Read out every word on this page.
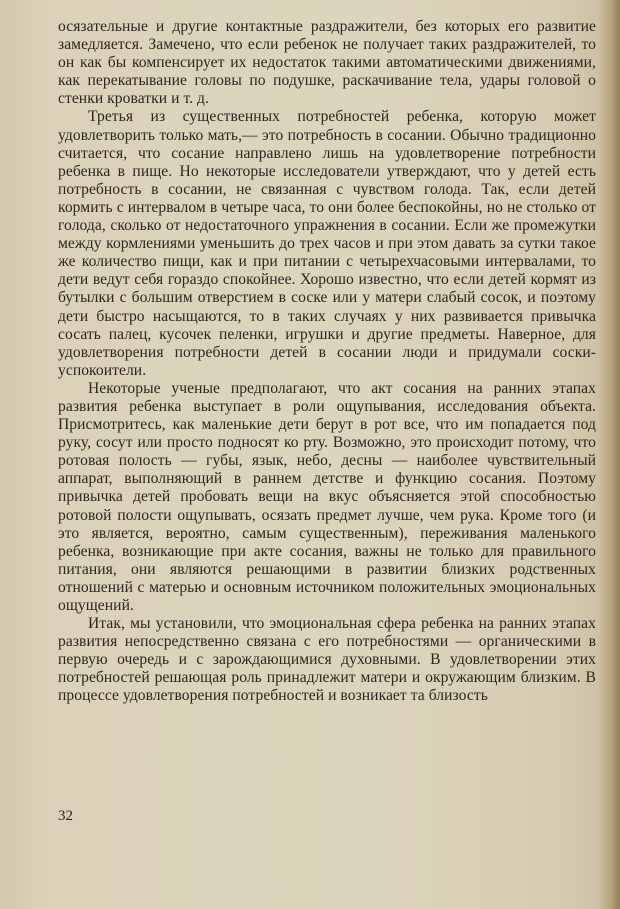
осязательные и другие контактные раздражители, без которых его развитие замедляется. Замечено, что если ребенок не получает таких раздражителей, то он как бы компенсирует их недостаток такими автоматическими движениями, как перекатывание головы по подушке, раскачивание тела, удары головой о стенки кроватки и т. д.

Третья из существенных потребностей ребенка, которую может удовлетворить только мать,— это потребность в сосании. Обычно традиционно считается, что сосание направлено лишь на удовлетворение потребности ребенка в пище. Но некоторые исследователи утверждают, что у детей есть потребность в сосании, не связанная с чувством голода. Так, если детей кормить с интервалом в четыре часа, то они более беспокойны, но не столько от голода, сколько от недостаточного упражнения в сосании. Если же промежутки между кормлениями уменьшить до трех часов и при этом давать за сутки такое же количество пищи, как и при питании с четырехчасовыми интервалами, то дети ведут себя гораздо спокойнее. Хорошо известно, что если детей кормят из бутылки с большим отверстием в соске или у матери слабый сосок, и поэтому дети быстро насыщаются, то в таких случаях у них развивается привычка сосать палец, кусочек пеленки, игрушки и другие предметы. Наверное, для удовлетворения потребности детей в сосании люди и придумали соски-успокоители.

Некоторые ученые предполагают, что акт сосания на ранних этапах развития ребенка выступает в роли ощупывания, исследования объекта. Присмотритесь, как маленькие дети берут в рот все, что им попадается под руку, сосут или просто подносят ко рту. Возможно, это происходит потому, что ротовая полость — губы, язык, небо, десны — наиболее чувствительный аппарат, выполняющий в раннем детстве и функцию сосания. Поэтому привычка детей пробовать вещи на вкус объясняется этой способностью ротовой полости ощупывать, осязать предмет лучше, чем рука. Кроме того (и это является, вероятно, самым существенным), переживания маленького ребенка, возникающие при акте сосания, важны не только для правильного питания, они являются решающими в развитии близких родственных отношений с матерью и основным источником положительных эмоциональных ощущений.

Итак, мы установили, что эмоциональная сфера ребенка на ранних этапах развития непосредственно связана с его потребностями — органическими в первую очередь и с зарождающимися духовными. В удовлетворении этих потребностей решающая роль принадлежит матери и окружающим близким. В процессе удовлетворения потребностей и возникает та близость

32
